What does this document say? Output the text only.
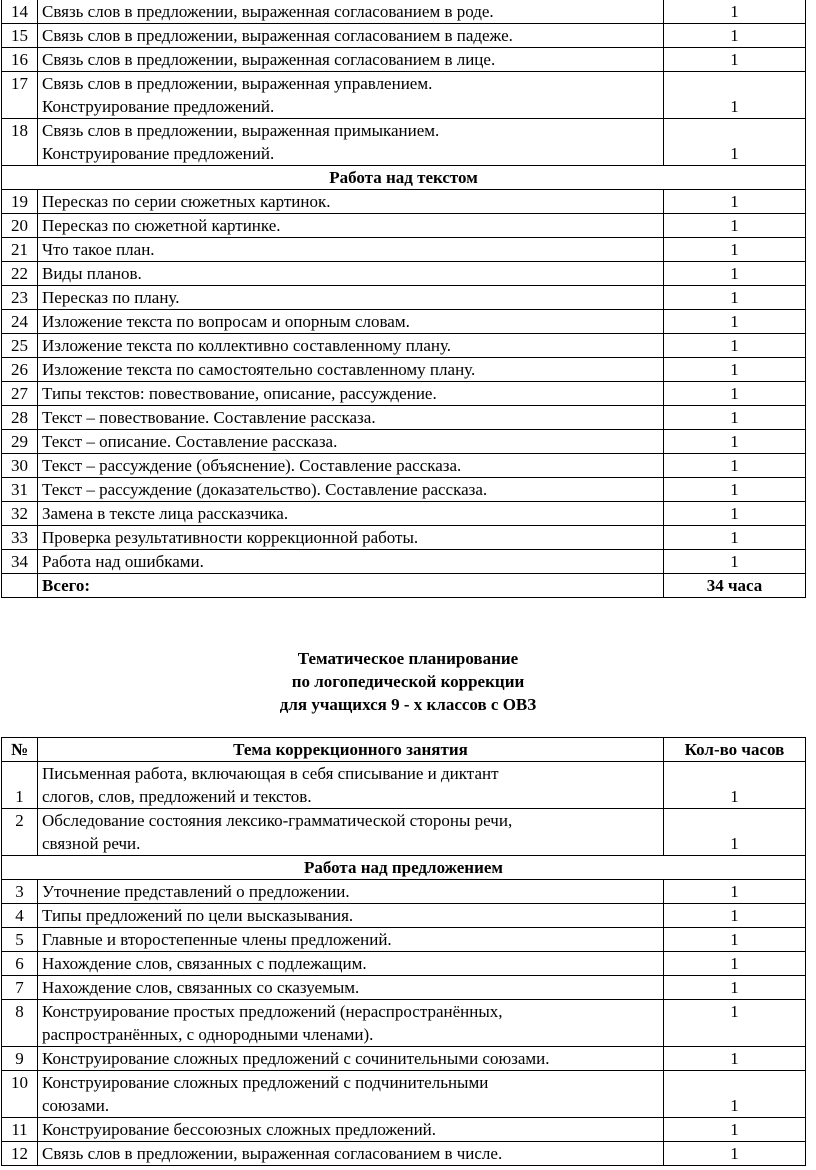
14	Связь слов в предложении, выраженная согласованием в роде.	1
15	Связь слов в предложении, выраженная согласованием в падеже.	1
16	Связь слов в предложении, выраженная согласованием в лице.	1
17	Связь слов в предложении, выраженная управлением.
Конструирование предложений.	1
18	Связь слов в предложении, выраженная примыканием.
Конструирование предложений.	1
Работа над текстом		
19	Пересказ по серии сюжетных картинок.	1
20	Пересказ по сюжетной картинке.	1
21	Что такое план.	1
22	Виды планов.	1
23	Пересказ по плану.	1
24	Изложение текста по вопросам и опорным словам.	1
25	Изложение текста по коллективно составленному плану.	1
26	Изложение текста по самостоятельно составленному плану.	1
27	Типы текстов: повествование, описание, рассуждение.	1
28	Текст – повествование. Составление рассказа.	1
29	Текст – описание. Составление рассказа.	1
30	Текст – рассуждение (объяснение). Составление рассказа.	1
31	Текст – рассуждение (доказательство). Составление рассказа.	1
32	Замена в тексте лица рассказчика.	1
33	Проверка результативности коррекционной работы.	1
34	Работа над ошибками.	1

	Всего:	34 часа
Тематическое планирование
по логопедической коррекции
для учащихся 9 - х классов с ОВЗ
№	Тема коррекционного занятия	Кол-во часов
1	Письменная работа, включающая в себя списывание и диктант
слогов, слов, предложений и текстов.	1
2	Обследование состояния лексико-грамматической стороны речи,
связной речи.	1
Работа над предложением		
3	Уточнение представлений о предложении.	1
4	Типы предложений по цели высказывания.	1
5	Главные и второстепенные члены предложений.	1
6	Нахождение слов, связанных с подлежащим.	1
7	Нахождение слов, связанных со сказуемым.	1
8	Конструирование простых предложений (нераспространённых,
распространённых, с однородными членами).	1
9	Конструирование сложных предложений с сочинительными союзами.	1
10	Конструирование сложных предложений с подчинительными
союзами.	1
11	Конструирование бессоюзных сложных предложений.	1
12	Связь слов в предложении, выраженная согласованием в числе.	1
